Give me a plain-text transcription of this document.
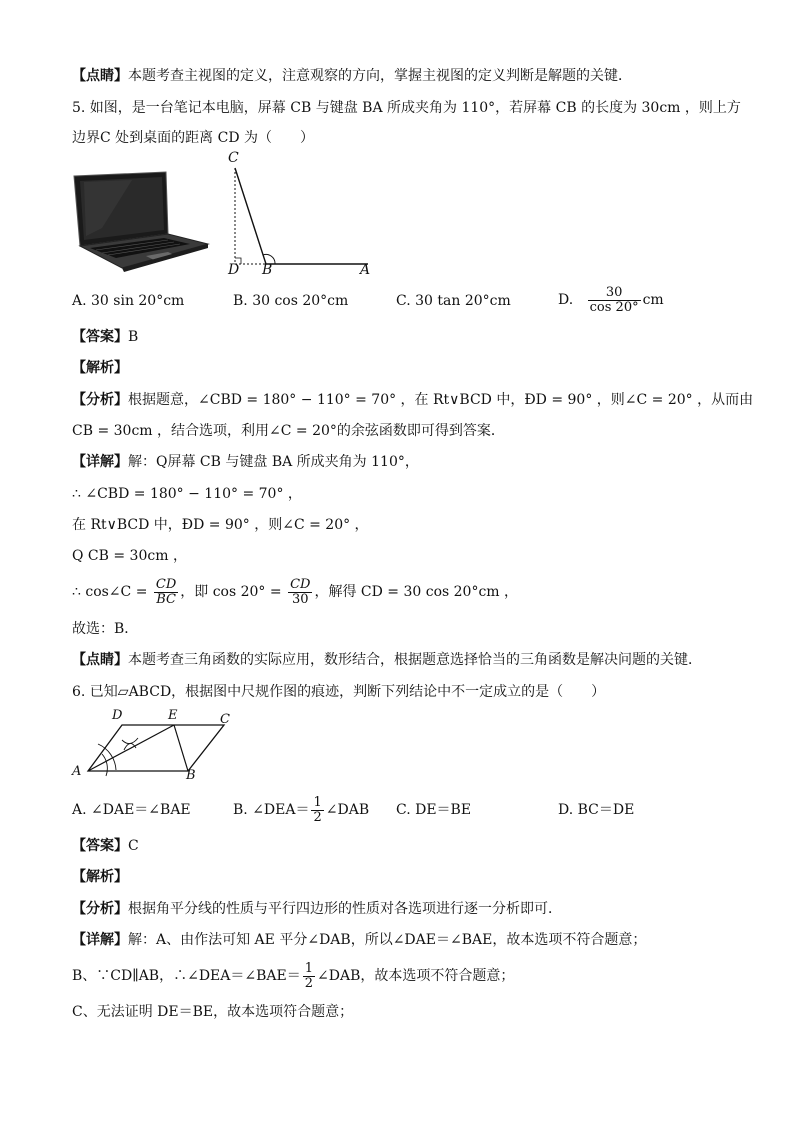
【点睛】本题考查主视图的定义，注意观察的方向，掌握主视图的定义判断是解题的关键．
5. 如图，是一台笔记本电脑，屏幕 CB 与键盘 BA 所成夹角为 110°，若屏幕 CB 的长度为 30cm ，则上方
边界C 处到桌面的距离 CD 为（　　）
C
D B	A
A. 30 sin 20°cm	B. 30 cos 20°cm	C. 30 tan 20°cm	D. $\frac{30}{\cos 20^\circ}$ cm
【答案】B
【解析】
【分析】根据题意，∠CBD = 180° − 110° = 70° ，在 Rt∨BCD 中，ÐD = 90° ，则∠C = 20° ，从而由
CB = 30cm ，结合选项，利用∠C = 20°的余弦函数即可得到答案．
【详解】解：Q屏幕 CB 与键盘 BA 所成夹角为 110°，
∴ ∠CBD = 180° − 110° = 70° ，
在 Rt∨BCD 中，ÐD = 90° ，则∠C = 20° ，
Q CB = 30cm ，
∴ cos∠C = $\frac{CD}{BC}$ ，即 $\cos 20^\circ = \frac{CD}{30}$ ，解得 CD = 30 cos 20°cm ，
故选：B．
【点睛】本题考查三角函数的实际应用，数形结合，根据题意选择恰当的三角函数是解决问题的关键．
6. 已知▱ABCD，根据图中尺规作图的痕迹，判断下列结论中不一定成立的是（　　）
D	E	C
A	B
A. ∠DAE＝∠BAE	B. ∠DEA＝ $\frac{1}{2}$ ∠DAB C. DE＝BE	D. BC＝DE
【答案】C
【解析】
【分析】根据角平分线的性质与平行四边形的性质对各选项进行逐一分析即可．
【详解】解：A、由作法可知 AE 平分∠DAB，所以∠DAE＝∠BAE，故本选项不符合题意；
B、∵CD∥AB，∴∠DEA＝∠BAE＝ $\frac{1}{2}$ ∠DAB，故本选项不符合题意；
C、无法证明 DE＝BE，故本选项符合题意；
